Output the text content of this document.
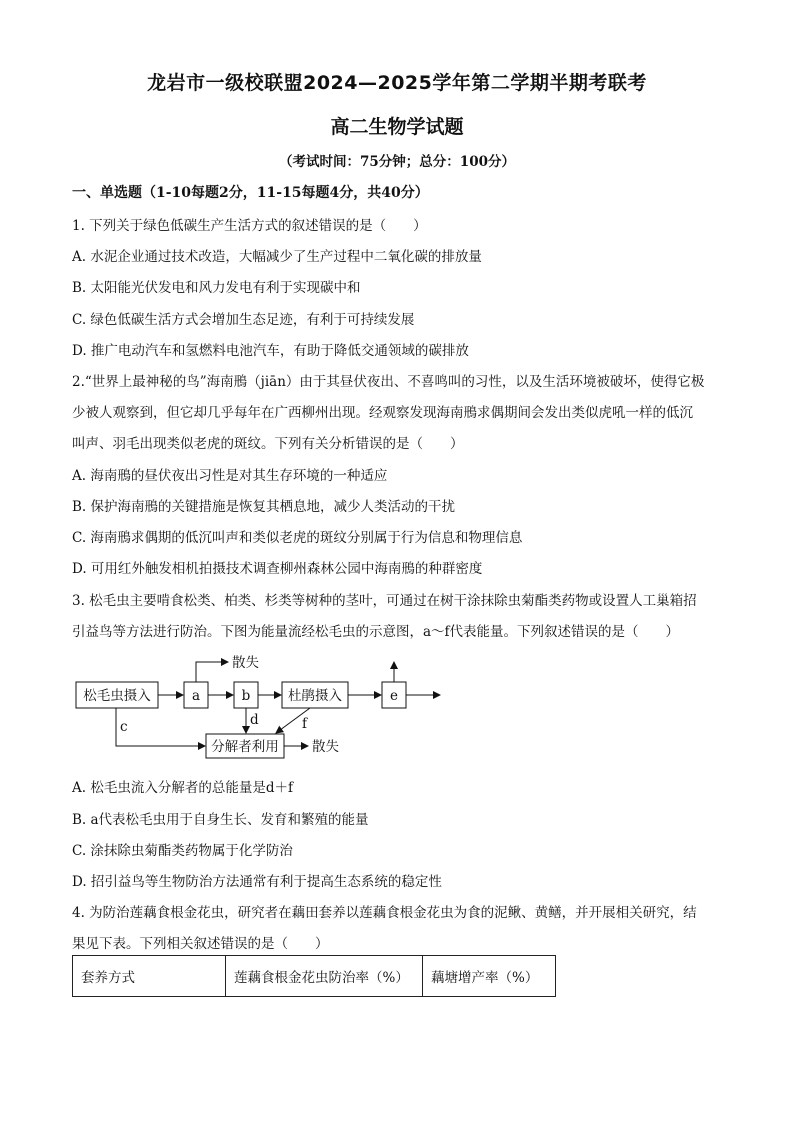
龙岩市一级校联盟2024—2025学年第二学期半期考联考
高二生物学试题
（考试时间：75分钟；总分：100分）
一、单选题（1-10每题2分，11-15每题4分，共40分）
1. 下列关于绿色低碳生产生活方式的叙述错误的是（　　）
A. 水泥企业通过技术改造，大幅减少了生产过程中二氧化碳的排放量
B. 太阳能光伏发电和风力发电有利于实现碳中和
C. 绿色低碳生活方式会增加生态足迹，有利于可持续发展
D. 推广电动汽车和氢燃料电池汽车，有助于降低交通领域的碳排放
2.“世界上最神秘的鸟”海南鳽（jiān）由于其昼伏夜出、不喜鸣叫的习性，以及生活环境被破坏，使得它极
少被人观察到，但它却几乎每年在广西柳州出现。经观察发现海南鳽求偶期间会发出类似虎吼一样的低沉
叫声、羽毛出现类似老虎的斑纹。下列有关分析错误的是（　　）
A. 海南鳽的昼伏夜出习性是对其生存环境的一种适应
B. 保护海南鳽的关键措施是恢复其栖息地，减少人类活动的干扰
C. 海南鳽求偶期的低沉叫声和类似老虎的斑纹分别属于行为信息和物理信息
D. 可用红外触发相机拍摄技术调查柳州森林公园中海南鳽的种群密度
3. 松毛虫主要啃食松类、柏类、杉类等树种的茎叶，可通过在树干涂抹除虫菊酯类药物或设置人工巢箱招
引益鸟等方法进行防治。下图为能量流经松毛虫的示意图，a～f代表能量。下列叙述错误的是（　　）
松毛虫摄入	a	b	杜鹃摄入	e
分解者利用
散失
散失
c	d	f
A. 松毛虫流入分解者的总能量是d＋f
B. a代表松毛虫用于自身生长、发育和繁殖的能量
C. 涂抹除虫菊酯类药物属于化学防治
D. 招引益鸟等生物防治方法通常有利于提高生态系统的稳定性
4. 为防治莲藕食根金花虫，研究者在藕田套养以莲藕食根金花虫为食的泥鳅、黄鳝，并开展相关研究，结
果见下表。下列相关叙述错误的是（　　）
套养方式	莲藕食根金花虫防治率（%）	藕塘增产率（%）
